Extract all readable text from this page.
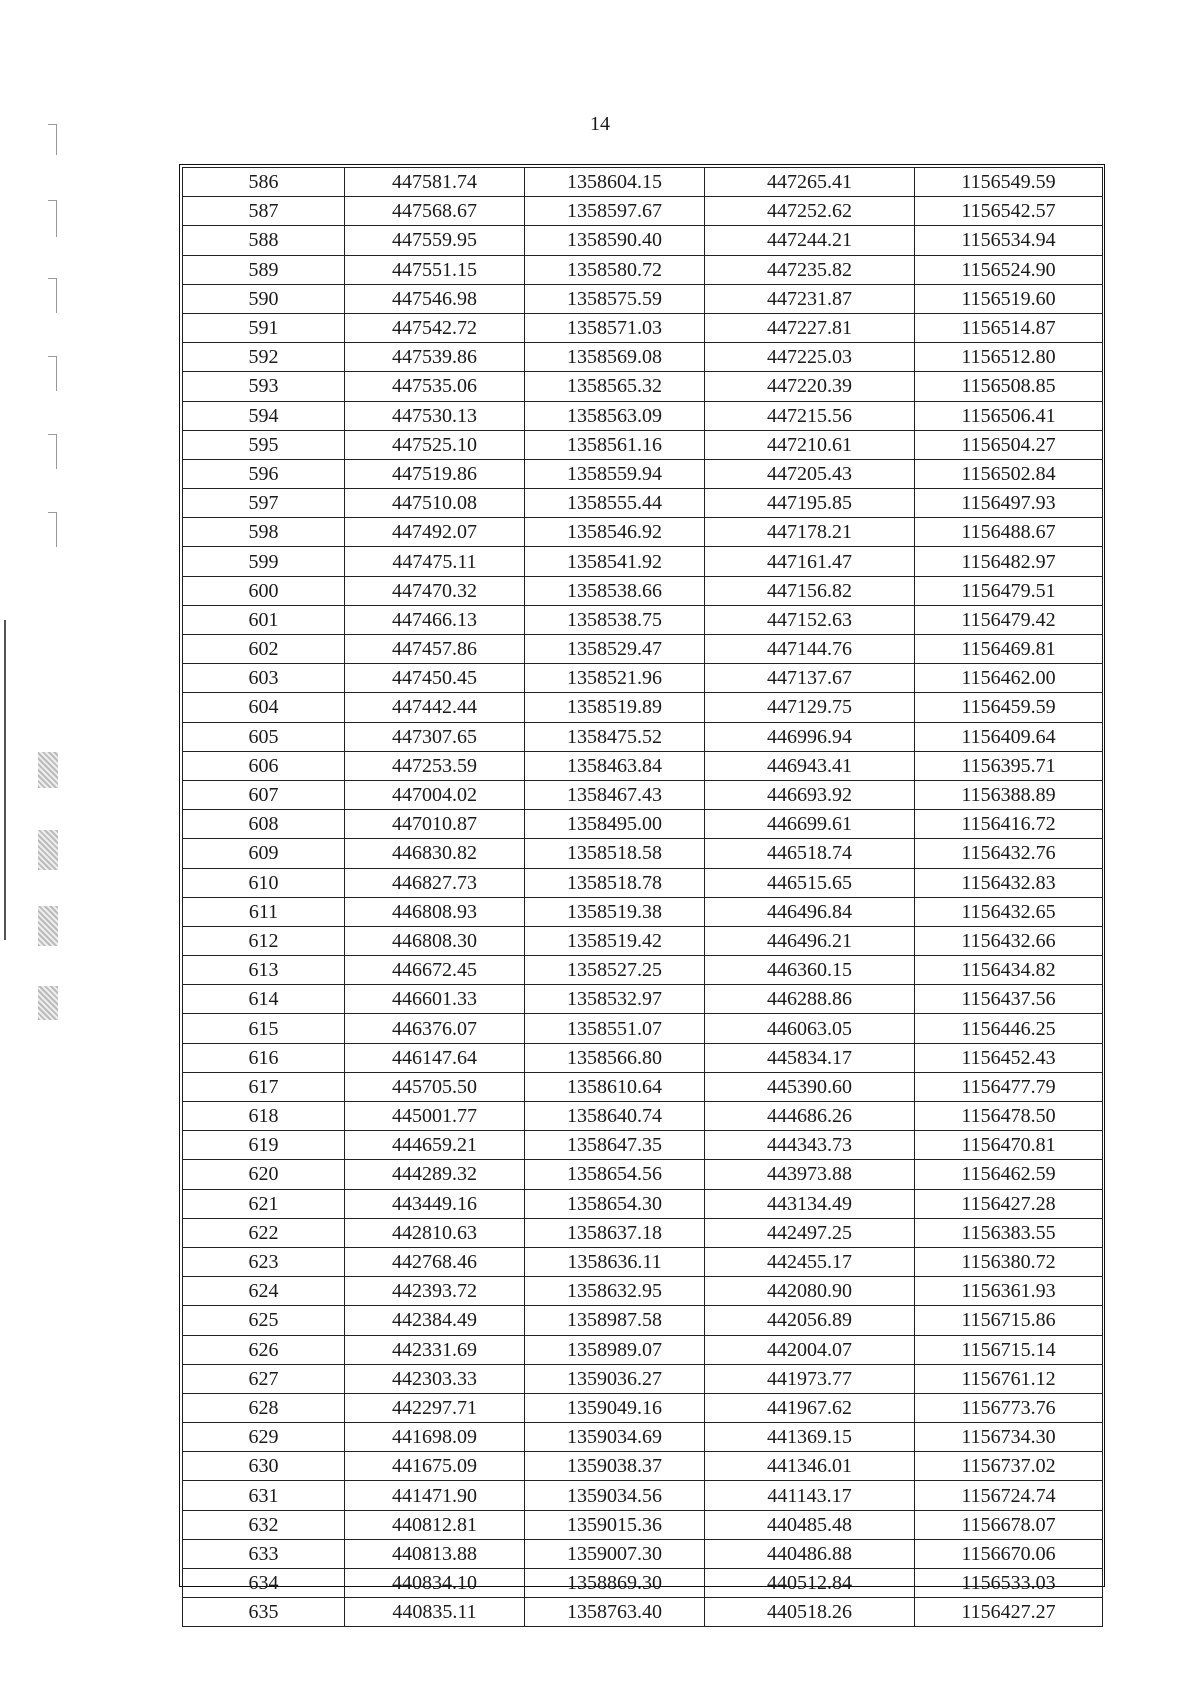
14
586	447581.74	1358604.15	447265.41	1156549.59
587	447568.67	1358597.67	447252.62	1156542.57
588	447559.95	1358590.40	447244.21	1156534.94
589	447551.15	1358580.72	447235.82	1156524.90
590	447546.98	1358575.59	447231.87	1156519.60
591	447542.72	1358571.03	447227.81	1156514.87
592	447539.86	1358569.08	447225.03	1156512.80
593	447535.06	1358565.32	447220.39	1156508.85
594	447530.13	1358563.09	447215.56	1156506.41
595	447525.10	1358561.16	447210.61	1156504.27
596	447519.86	1358559.94	447205.43	1156502.84
597	447510.08	1358555.44	447195.85	1156497.93
598	447492.07	1358546.92	447178.21	1156488.67
599	447475.11	1358541.92	447161.47	1156482.97
600	447470.32	1358538.66	447156.82	1156479.51
601	447466.13	1358538.75	447152.63	1156479.42
602	447457.86	1358529.47	447144.76	1156469.81
603	447450.45	1358521.96	447137.67	1156462.00
604	447442.44	1358519.89	447129.75	1156459.59
605	447307.65	1358475.52	446996.94	1156409.64
606	447253.59	1358463.84	446943.41	1156395.71
607	447004.02	1358467.43	446693.92	1156388.89
608	447010.87	1358495.00	446699.61	1156416.72
609	446830.82	1358518.58	446518.74	1156432.76
610	446827.73	1358518.78	446515.65	1156432.83
611	446808.93	1358519.38	446496.84	1156432.65
612	446808.30	1358519.42	446496.21	1156432.66
613	446672.45	1358527.25	446360.15	1156434.82
614	446601.33	1358532.97	446288.86	1156437.56
615	446376.07	1358551.07	446063.05	1156446.25
616	446147.64	1358566.80	445834.17	1156452.43
617	445705.50	1358610.64	445390.60	1156477.79
618	445001.77	1358640.74	444686.26	1156478.50
619	444659.21	1358647.35	444343.73	1156470.81
620	444289.32	1358654.56	443973.88	1156462.59
621	443449.16	1358654.30	443134.49	1156427.28
622	442810.63	1358637.18	442497.25	1156383.55
623	442768.46	1358636.11	442455.17	1156380.72
624	442393.72	1358632.95	442080.90	1156361.93
625	442384.49	1358987.58	442056.89	1156715.86
626	442331.69	1358989.07	442004.07	1156715.14
627	442303.33	1359036.27	441973.77	1156761.12
628	442297.71	1359049.16	441967.62	1156773.76
629	441698.09	1359034.69	441369.15	1156734.30
630	441675.09	1359038.37	441346.01	1156737.02
631	441471.90	1359034.56	441143.17	1156724.74
632	440812.81	1359015.36	440485.48	1156678.07
633	440813.88	1359007.30	440486.88	1156670.06
634	440834.10	1358869.30	440512.84	1156533.03
635	440835.11	1358763.40	440518.26	1156427.27
